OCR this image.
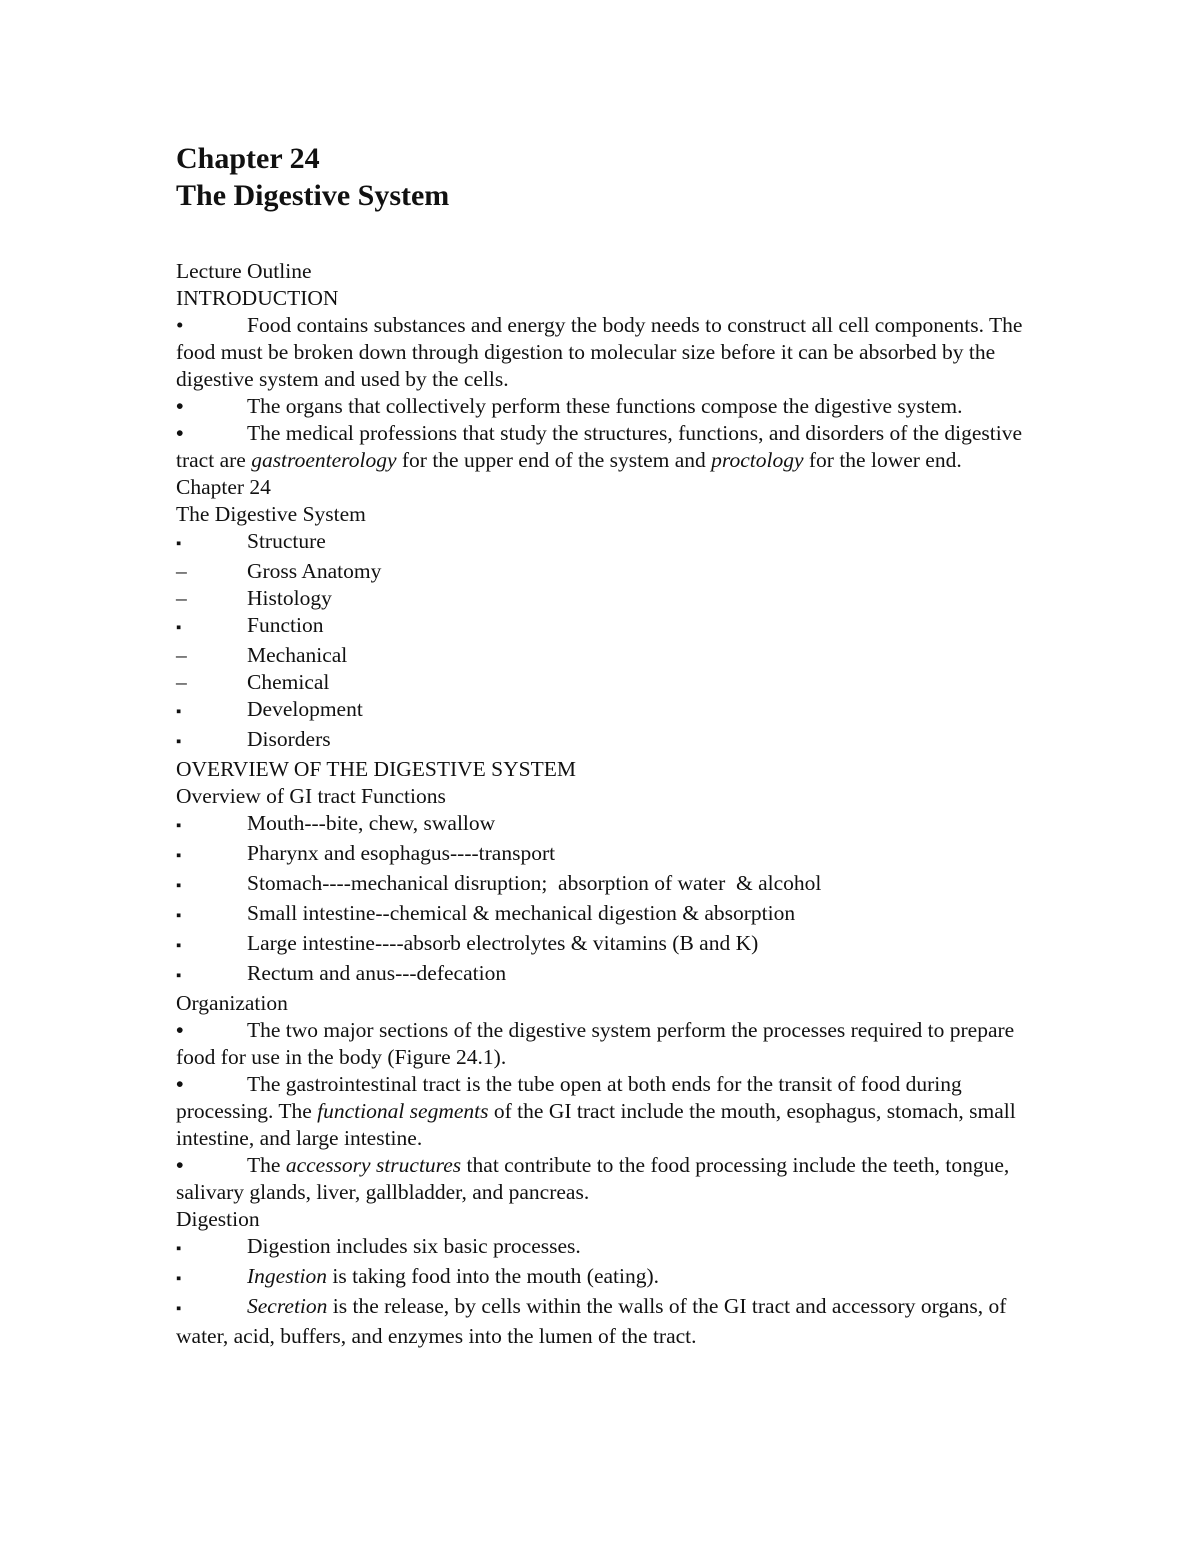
Chapter 24
The Digestive System

Lecture Outline

INTRODUCTION

•	Food contains substances and energy the body needs to construct all cell components. The food must be broken down through digestion to molecular size before it can be absorbed by the digestive system and used by the cells.

•	The organs that collectively perform these functions compose the digestive system.

•	The medical professions that study the structures, functions, and disorders of the digestive tract are gastroenterology for the upper end of the system and proctology for the lower end.

Chapter 24

The Digestive System

▪	Structure

–	Gross Anatomy

–	Histology

▪	Function

–	Mechanical

–	Chemical

▪	Development

▪	Disorders

OVERVIEW OF THE DIGESTIVE SYSTEM

Overview of GI tract Functions

▪	Mouth---bite, chew, swallow

▪	Pharynx and esophagus----transport

▪	Stomach----mechanical disruption;  absorption of water  & alcohol

▪	Small intestine--chemical & mechanical digestion & absorption

▪	Large intestine----absorb electrolytes & vitamins (B and K)

▪	Rectum and anus---defecation

Organization

•	The two major sections of the digestive system perform the processes required to prepare food for use in the body (Figure 24.1).

•	The gastrointestinal tract is the tube open at both ends for the transit of food during processing. The functional segments of the GI tract include the mouth, esophagus, stomach, small intestine, and large intestine.

•	The accessory structures that contribute to the food processing include the teeth, tongue, salivary glands, liver, gallbladder, and pancreas.

Digestion

▪	Digestion includes six basic processes.

▪	Ingestion is taking food into the mouth (eating).

▪	Secretion is the release, by cells within the walls of the GI tract and accessory organs, of water, acid, buffers, and enzymes into the lumen of the tract.
